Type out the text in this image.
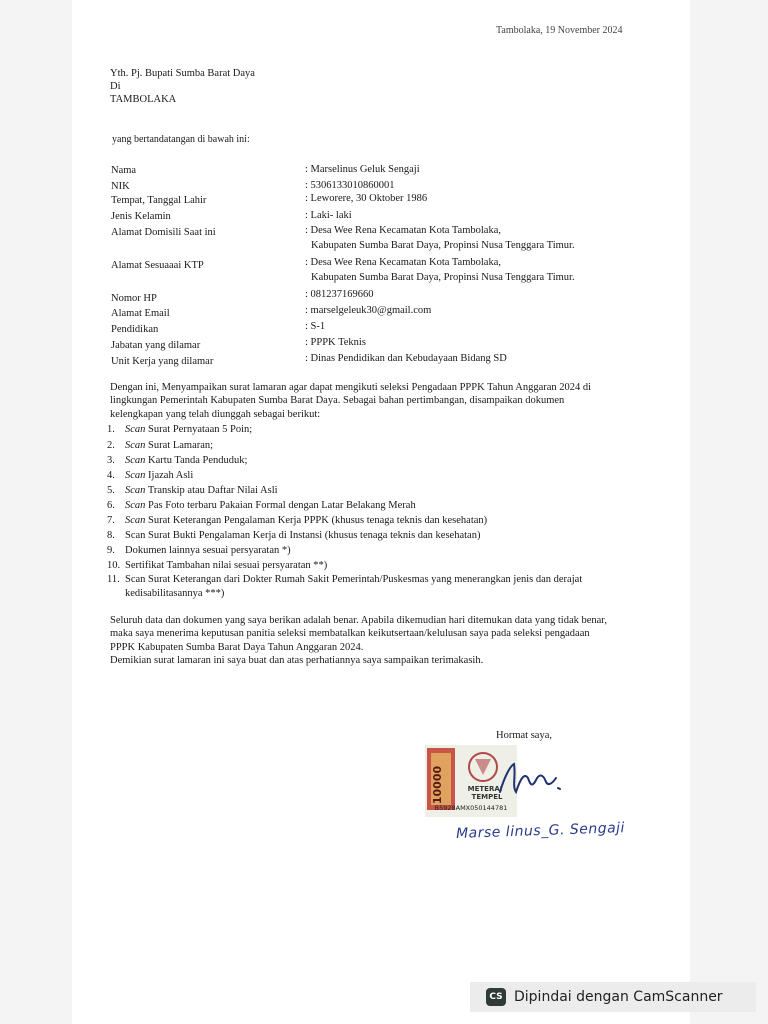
Tambolaka, 19 November 2024
Yth. Pj. Bupati Sumba Barat Daya
Di
TAMBOLAKA
yang bertandatangan di bawah ini:
Nama	: Marselinus Geluk Sengaji
NIK	: 5306133010860001
Tempat, Tanggal Lahir	: Leworere, 30 Oktober 1986
Jenis Kelamin	: Laki- laki
Alamat Domisili Saat ini	: Desa Wee Rena Kecamatan Kota Tambolaka,
Kabupaten Sumba Barat Daya, Propinsi Nusa Tenggara Timur.
Alamat Sesuaaai KTP	: Desa Wee Rena Kecamatan Kota Tambolaka,
Kabupaten Sumba Barat Daya, Propinsi Nusa Tenggara Timur.
Nomor HP	: 081237169660
Alamat Email	: marselgeleuk30@gmail.com
Pendidikan	: S-1
Jabatan yang dilamar	: PPPK Teknis
Unit Kerja yang dilamar	: Dinas Pendidikan dan Kebudayaan Bidang SD
Dengan ini, Menyampaikan surat lamaran agar dapat mengikuti seleksi Pengadaan PPPK Tahun Anggaran 2024 di
lingkungan Pemerintah Kabupaten Sumba Barat Daya. Sebagai bahan pertimbangan, disampaikan dokumen
kelengkapan yang telah diunggah sebagai berikut:
1. Scan Surat Pernyataan 5 Poin;
2. Scan Surat Lamaran;
3. Scan Kartu Tanda Penduduk;
4. Scan Ijazah Asli
5. Scan Transkip atau Daftar Nilai Asli
6. Scan Pas Foto terbaru Pakaian Formal dengan Latar Belakang Merah
7. Scan Surat Keterangan Pengalaman Kerja PPPK (khusus tenaga teknis dan kesehatan)
8. Scan Surat Bukti Pengalaman Kerja di Instansi (khusus tenaga teknis dan kesehatan)
9. Dokumen lainnya sesuai persyaratan *)
10. Sertifikat Tambahan nilai sesuai persyaratan **)
11. Scan Surat Keterangan dari Dokter Rumah Sakit Pemerintah/Puskesmas yang menerangkan jenis dan derajat
kedisabilitasannya ***)
Seluruh data dan dokumen yang saya berikan adalah benar. Apabila dikemudian hari ditemukan data yang tidak benar,
maka saya menerima keputusan panitia seleksi membatalkan keikutsertaan/kelulusan saya pada seleksi pengadaan
PPPK Kabupaten Sumba Barat Daya Tahun Anggaran 2024.
Demikian surat lamaran ini saya buat dan atas perhatiannya saya sampaikan terimakasih.
Hormat saya,
10000	METERAI
TEMPEL
B5928AMX050144781
Marse linus_G. Sengaji
CS Dipindai dengan CamScanner
